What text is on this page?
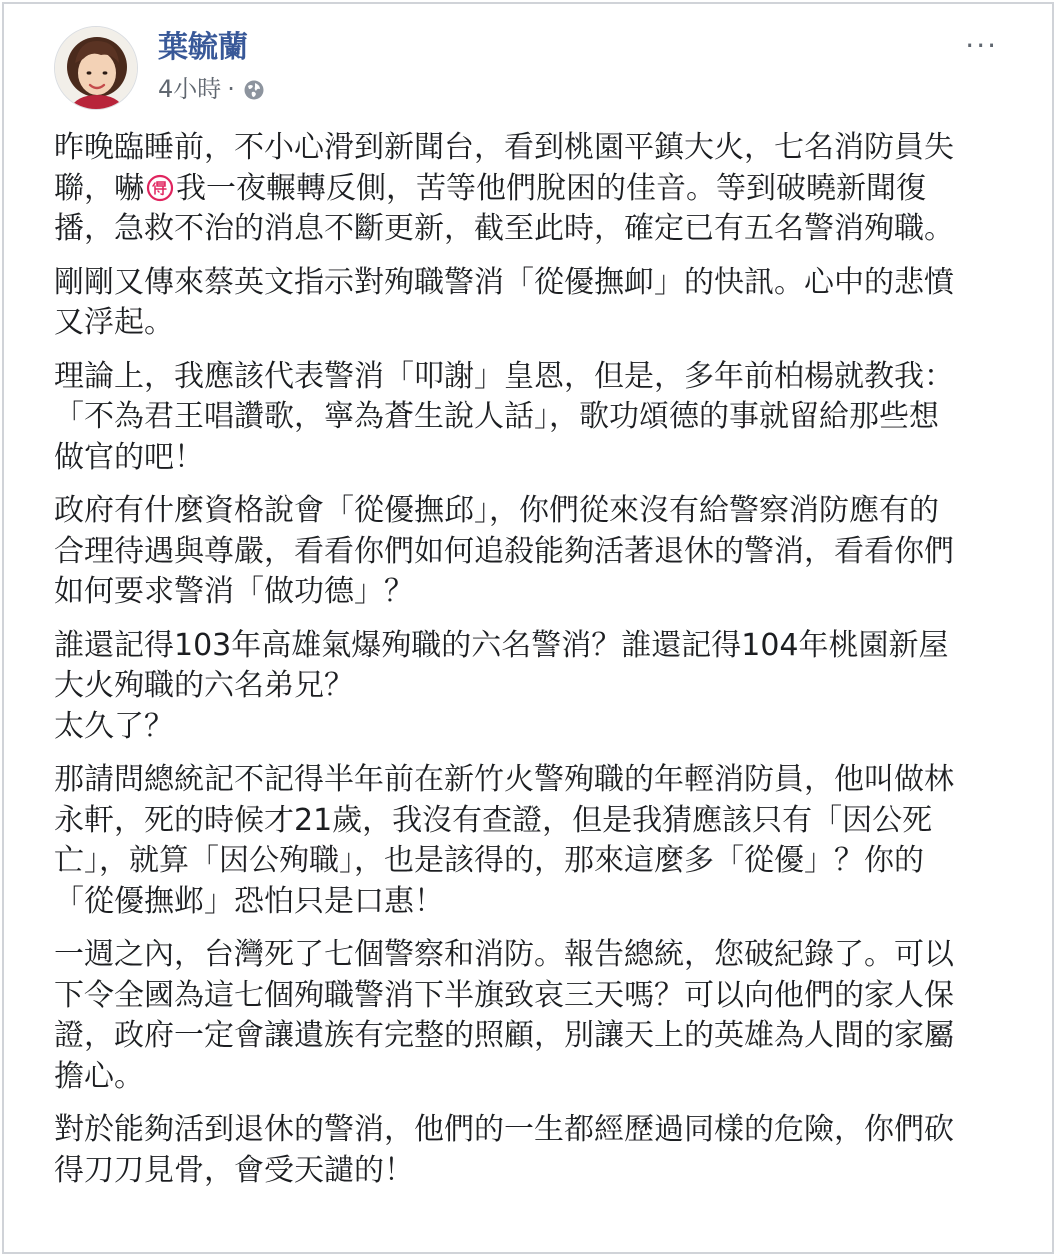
葉毓蘭
4小時 ·
···

昨晚臨睡前，不小心滑到新聞台，看到桃園平鎮大火，七名消防員失
聯，嚇 我一夜輾轉反側，苦等他們脫困的佳音。等到破曉新聞復
播，急救不治的消息不斷更新，截至此時，確定已有五名警消殉職。

剛剛又傳來蔡英文指示對殉職警消「從優撫卹」的快訊。心中的悲憤
又浮起。

理論上，我應該代表警消「叩謝」皇恩，但是，多年前柏楊就教我：
「不為君王唱讚歌，寧為蒼生說人話」，歌功頌德的事就留給那些想
做官的吧！

政府有什麼資格說會「從優撫邱」，你們從來沒有給警察消防應有的
合理待遇與尊嚴，看看你們如何追殺能夠活著退休的警消，看看你們
如何要求警消「做功德」？

誰還記得103年高雄氣爆殉職的六名警消？誰還記得104年桃園新屋
大火殉職的六名弟兄？
太久了？

那請問總統記不記得半年前在新竹火警殉職的年輕消防員，他叫做林
永軒，死的時候才21歲，我沒有查證，但是我猜應該只有「因公死
亡」，就算「因公殉職」，也是該得的，那來這麼多「從優」？你的
「從優撫邺」恐怕只是口惠！

一週之內，台灣死了七個警察和消防。報告總統，您破紀錄了。可以
下令全國為這七個殉職警消下半旗致哀三天嗎？可以向他們的家人保
證，政府一定會讓遺族有完整的照顧，別讓天上的英雄為人間的家屬
擔心。

對於能夠活到退休的警消，他們的一生都經歷過同樣的危險，你們砍
得刀刀見骨，會受天譴的！
